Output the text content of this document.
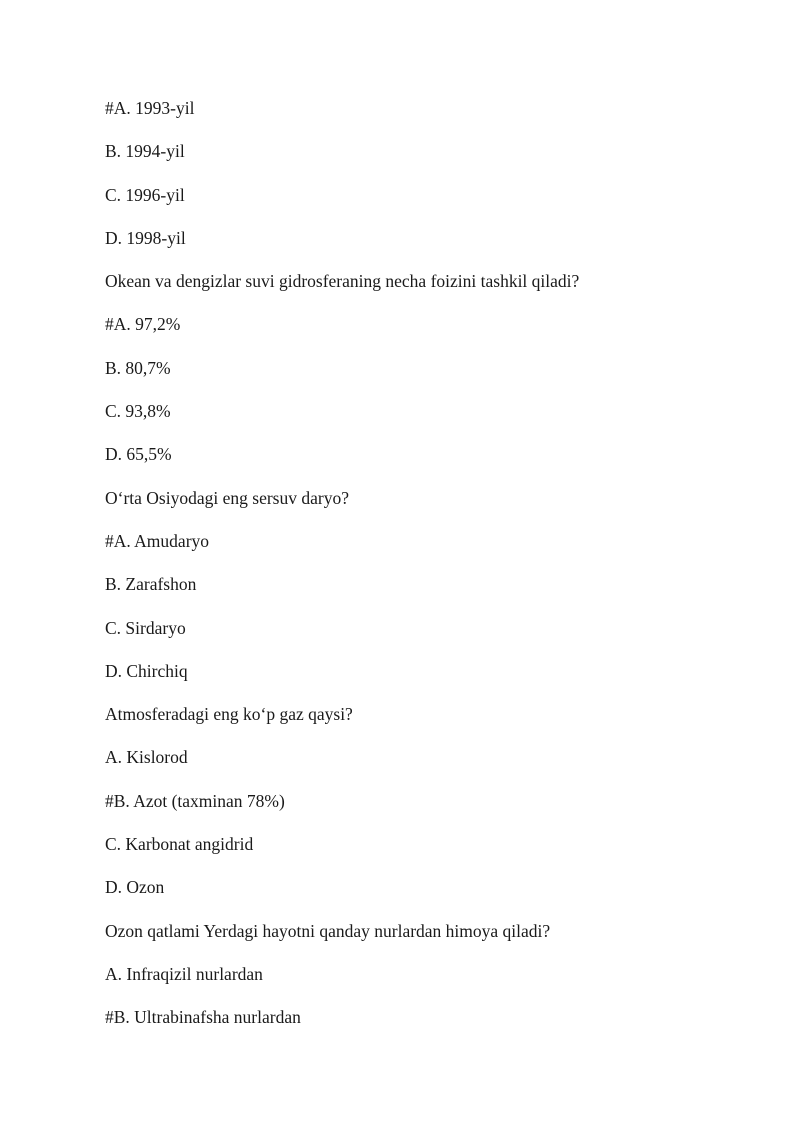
#A. 1993-yil
B. 1994-yil
C. 1996-yil
D. 1998-yil
Okean va dengizlar suvi gidrosferaning necha foizini tashkil qiladi?
#A. 97,2%
B. 80,7%
C. 93,8%
D. 65,5%
O‘rta Osiyodagi eng sersuv daryo?
#A. Amudaryo
B. Zarafshon
C. Sirdaryo
D. Chirchiq
Atmosferadagi eng ko‘p gaz qaysi?
A. Kislorod
#B. Azot (taxminan 78%)
C. Karbonat angidrid
D. Ozon
Ozon qatlami Yerdagi hayotni qanday nurlardan himoya qiladi?
A. Infraqizil nurlardan
#B. Ultrabinafsha nurlardan
